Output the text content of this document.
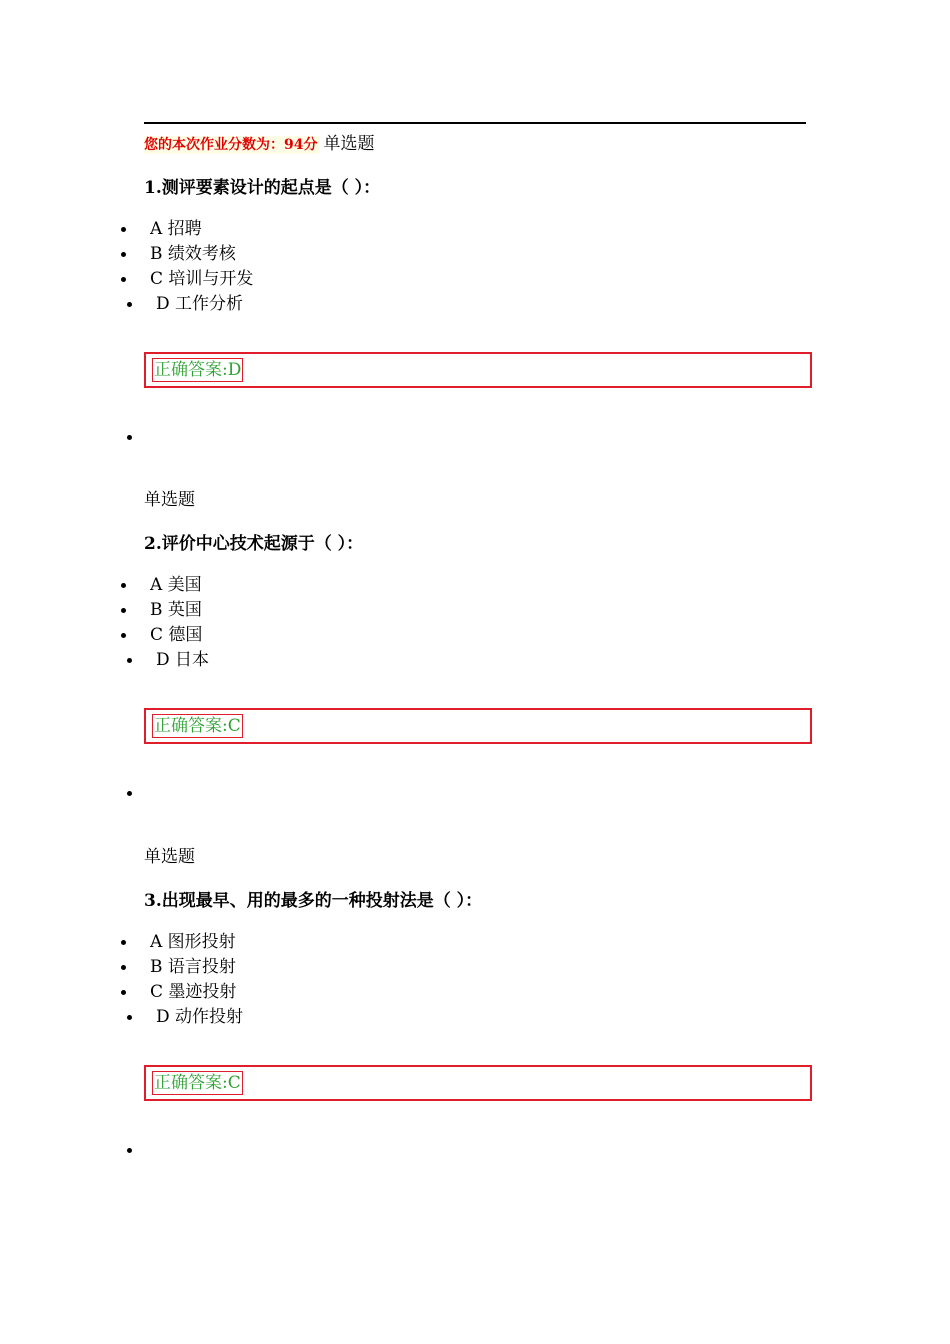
您的本次作业分数为：94分 单选题
1.测评要素设计的起点是（ ）：
A 招聘
B 绩效考核
C 培训与开发
D 工作分析
正确答案:D
单选题
2.评价中心技术起源于（ ）：
A 美国
B 英国
C 德国
D 日本
正确答案:C
单选题
3.出现最早、用的最多的一种投射法是（ ）：
A 图形投射
B 语言投射
C 墨迹投射
D 动作投射
正确答案:C
